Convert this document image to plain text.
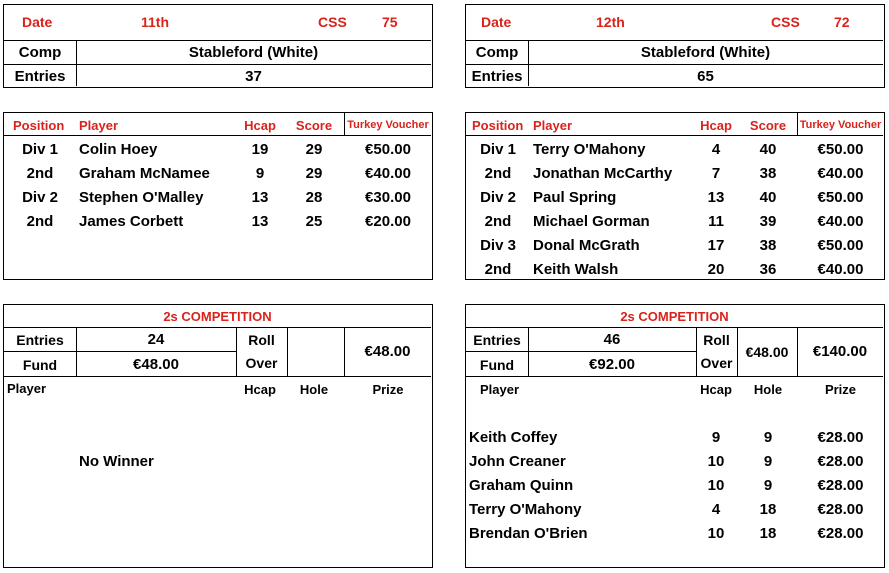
Date	11th	CSS	75
Comp	Stableford (White)
Entries	37
Position Player	Hcap	Score	Turkey Voucher
Div 1	Colin Hoey	19	29	€50.00
2nd	Graham McNamee	9	29	€40.00
Div 2	Stephen O'Malley	13	28	€30.00
2nd	James Corbett	13	25	€20.00
2s COMPETITION
Entries	24
Fund	€48.00
Roll
Over
€48.00
Player	Hcap	Hole	Prize
No Winner
Date	12th	CSS 72
Comp	Stableford (White)
Entries	65
Position Player	Hcap	Score	Turkey Voucher
Div 1	Terry O'Mahony	4	40	€50.00
2nd	Jonathan McCarthy	7	38	€40.00
Div 2	Paul Spring	13	40	€50.00
2nd	Michael Gorman	11	39	€40.00
Div 3	Donal McGrath	17	38	€50.00
2nd	Keith Walsh	20	36	€40.00
2s COMPETITION
Entries	46
Fund	€92.00
Roll
Over
€48.00	€140.00
Player	Hcap	Hole	Prize
Keith Coffey	9	9	€28.00
John Creaner	10	9	€28.00
Graham Quinn	10	9	€28.00
Terry O'Mahony	4	18	€28.00
Brendan O'Brien	10	18	€28.00
